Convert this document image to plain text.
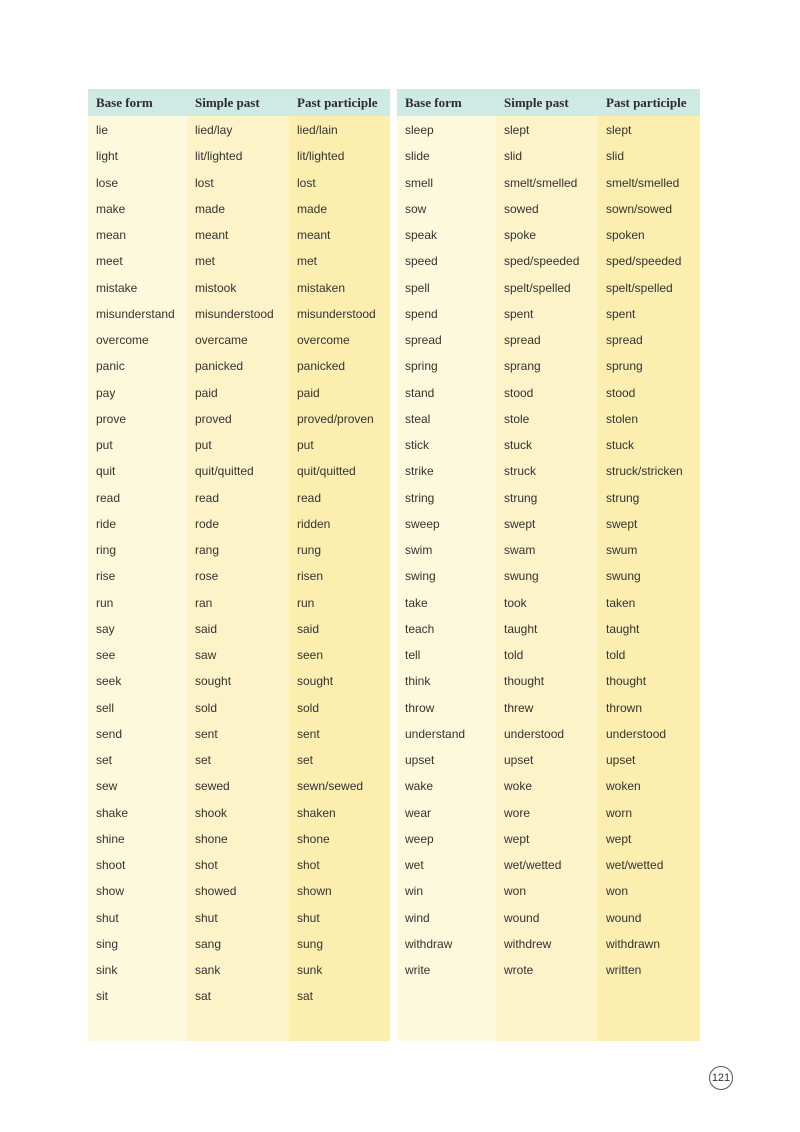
Base form	Simple past	Past participle
lie	lied/lay	lied/lain
light	lit/lighted	lit/lighted
lose	lost	lost
make	made	made
mean	meant	meant
meet	met	met
mistake	mistook	mistaken
misunderstand	misunderstood	misunderstood
overcome	overcame	overcome
panic	panicked	panicked
pay	paid	paid
prove	proved	proved/proven
put	put	put
quit	quit/quitted	quit/quitted
read	read	read
ride	rode	ridden
ring	rang	rung
rise	rose	risen
run	ran	run
say	said	said
see	saw	seen
seek	sought	sought
sell	sold	sold
send	sent	sent
set	set	set
sew	sewed	sewn/sewed
shake	shook	shaken
shine	shone	shone
shoot	shot	shot
show	showed	shown
shut	shut	shut
sing	sang	sung
sink	sank	sunk
sit	sat	sat
Base form	Simple past	Past participle
sleep	slept	slept
slide	slid	slid
smell	smelt/smelled	smelt/smelled
sow	sowed	sown/sowed
speak	spoke	spoken
speed	sped/speeded	sped/speeded
spell	spelt/spelled	spelt/spelled
spend	spent	spent
spread	spread	spread
spring	sprang	sprung
stand	stood	stood
steal	stole	stolen
stick	stuck	stuck
strike	struck	struck/stricken
string	strung	strung
sweep	swept	swept
swim	swam	swum
swing	swung	swung
take	took	taken
teach	taught	taught
tell	told	told
think	thought	thought
throw	threw	thrown
understand	understood	understood
upset	upset	upset
wake	woke	woken
wear	wore	worn
weep	wept	wept
wet	wet/wetted	wet/wetted
win	won	won
wind	wound	wound
withdraw	withdrew	withdrawn
write	wrote	written
121
